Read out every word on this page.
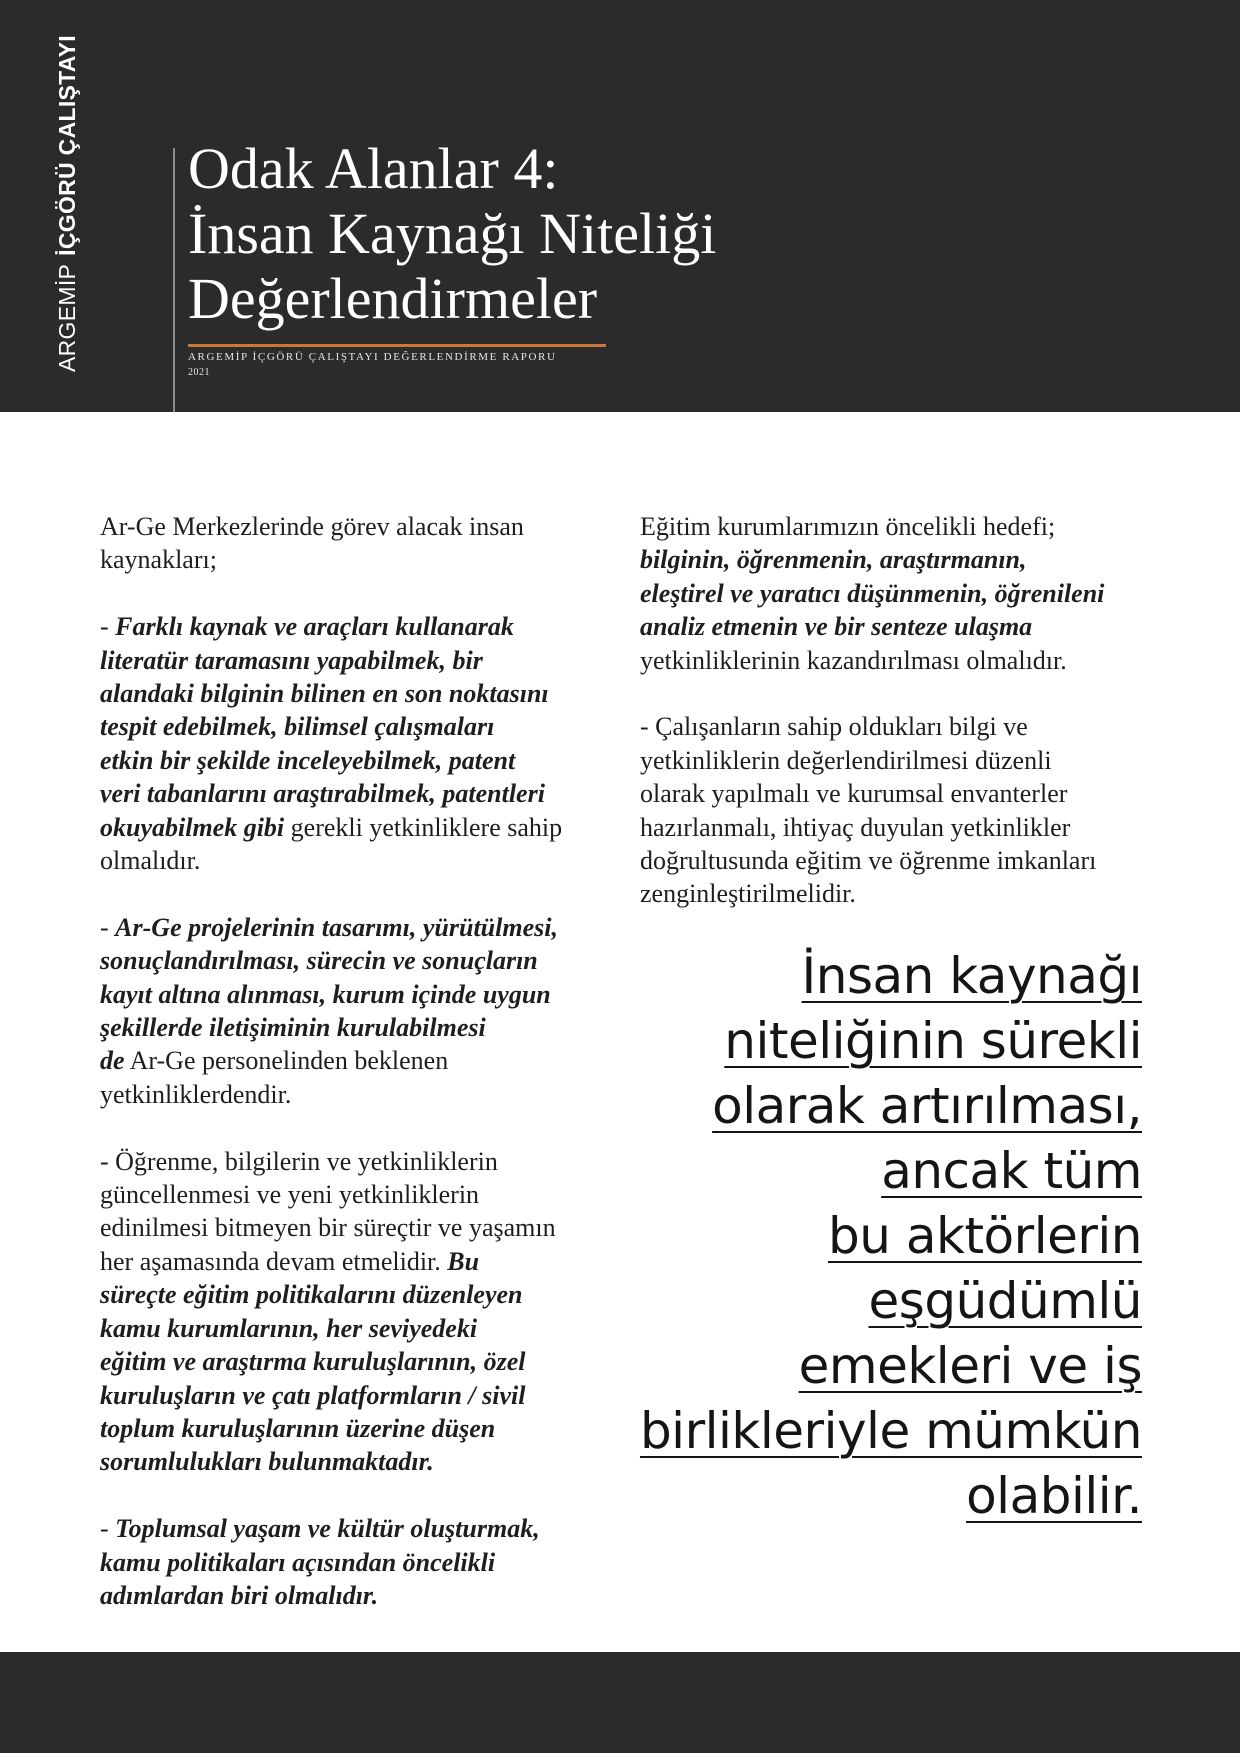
ARGEMİPİÇGÖRÜ ÇALIŞTAYI Odak Alanlar 4:
İnsan Kaynağı Niteliği
Değerlendirmeler
ARGEMİP İÇGÖRÜ ÇALIŞTAYI DEĞERLENDİRME RAPORU
2021

Ar-Ge Merkezlerinde görev alacak insan
kaynakları;

- Farklı kaynak ve araçları kullanarak
literatür taramasını yapabilmek, bir
alandaki bilginin bilinen en son noktasını
tespit edebilmek, bilimsel çalışmaları
etkin bir şekilde inceleyebilmek, patent
veri tabanlarını araştırabilmek, patentleri
okuyabilmek gibi gerekli yetkinliklere sahip
olmalıdır.

- Ar-Ge projelerinin tasarımı, yürütülmesi,
sonuçlandırılması, sürecin ve sonuçların
kayıt altına alınması, kurum içinde uygun
şekillerde iletişiminin kurulabilmesi
de Ar-Ge personelinden beklenen
yetkinliklerdendir.

- Öğrenme, bilgilerin ve yetkinliklerin
güncellenmesi ve yeni yetkinliklerin
edinilmesi bitmeyen bir süreçtir ve yaşamın
her aşamasında devam etmelidir. Bu
süreçte eğitim politikalarını düzenleyen
kamu kurumlarının, her seviyedeki
eğitim ve araştırma kuruluşlarının, özel
kuruluşların ve çatı platformların / sivil
toplum kuruluşlarının üzerine düşen
sorumlulukları bulunmaktadır.

- Toplumsal yaşam ve kültür oluşturmak,
kamu politikaları açısından öncelikli
adımlardan biri olmalıdır.

Eğitim kurumlarımızın öncelikli hedefi;
bilginin, öğrenmenin, araştırmanın,
eleştirel ve yaratıcı düşünmenin, öğrenileni
analiz etmenin ve bir senteze ulaşma
yetkinliklerinin kazandırılması olmalıdır.

- Çalışanların sahip oldukları bilgi ve
yetkinliklerin değerlendirilmesi düzenli
olarak yapılmalı ve kurumsal envanterler
hazırlanmalı, ihtiyaç duyulan yetkinlikler
doğrultusunda eğitim ve öğrenme imkanları
zenginleştirilmelidir.

İnsan kaynağı
niteliğinin sürekli
olarak artırılması,
ancak tüm
bu aktörlerin
eşgüdümlü
emekleri ve iş
birlikleriyle mümkün
olabilir.
